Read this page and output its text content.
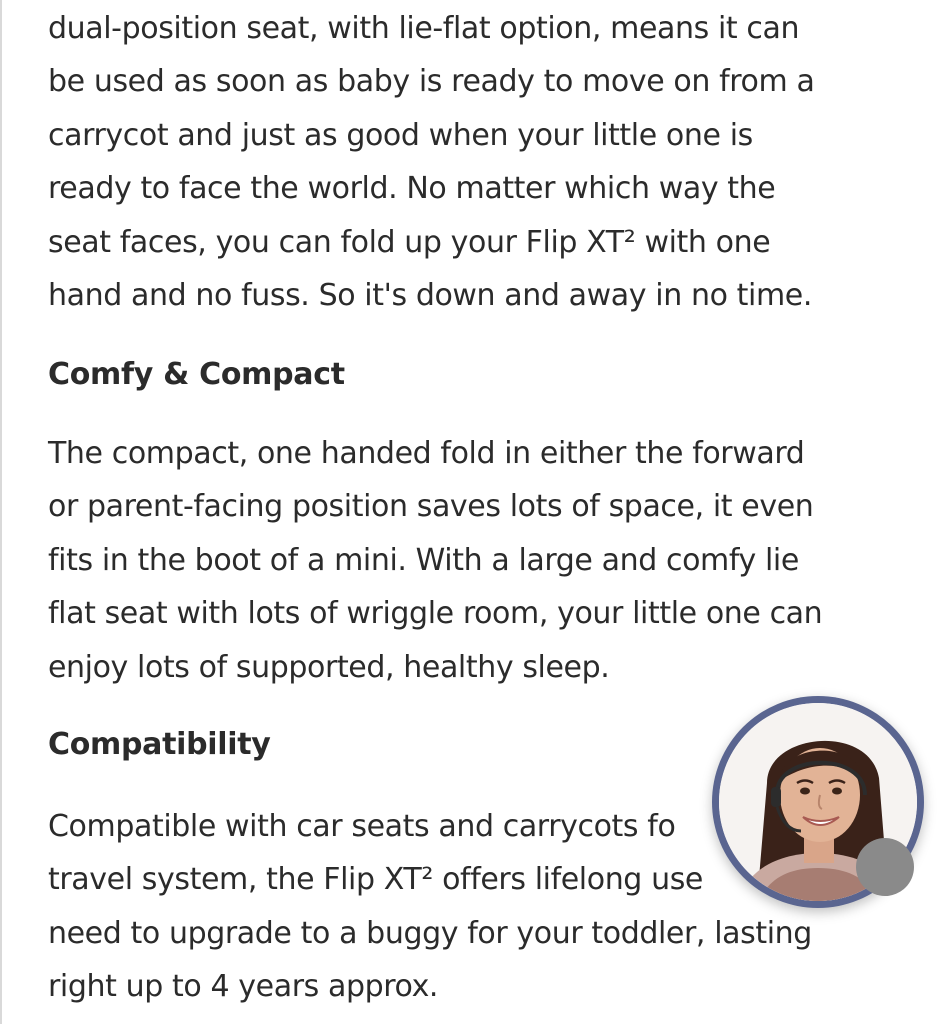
dual-position seat, with lie-flat option, means it can
be used as soon as baby is ready to move on from a
carrycot and just as good when your little one is
ready to face the world. No matter which way the
seat faces, you can fold up your Flip XT² with one
hand and no fuss. So it's down and away in no time.

Comfy & Compact

The compact, one handed fold in either the forward
or parent-facing position saves lots of space, it even
fits in the boot of a mini. With a large and comfy lie
flat seat with lots of wriggle room, your little one can
enjoy lots of supported, healthy sleep.

Compatibility

Compatible with car seats and carrycots fo
travel system, the Flip XT² offers lifelong use
need to upgrade to a buggy for your toddler, lasting
right up to 4 years approx.
